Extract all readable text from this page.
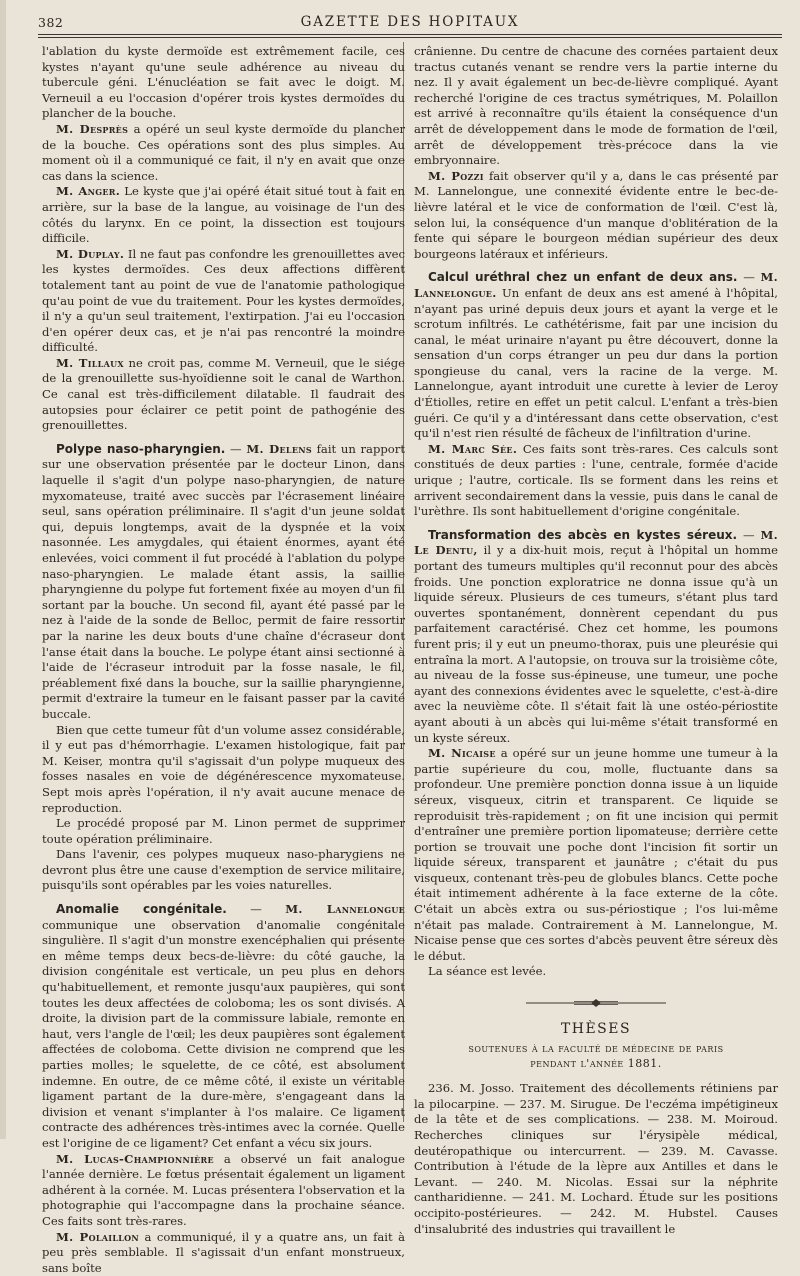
382	GAZETTE DES HOPITAUX

l'ablation du kyste dermoïde est extrêmement facile, ces kystes n'ayant qu'une seule adhérence au niveau du tubercule géni. L'énucléation se fait avec le doigt. M. Verneuil a eu l'occasion d'opérer trois kystes dermoïdes du plancher de la bouche.

M. Desprès a opéré un seul kyste dermoïde du plancher de la bouche. Ces opérations sont des plus simples. Au moment où il a communiqué ce fait, il n'y en avait que onze cas dans la science.

M. Anger. Le kyste que j'ai opéré était situé tout à fait en arrière, sur la base de la langue, au voisinage de l'un des côtés du larynx. En ce point, la dissection est toujours difficile.

M. Duplay. Il ne faut pas confondre les grenouillettes avec les kystes dermoïdes. Ces deux affections diffèrent totalement tant au point de vue de l'anatomie pathologique qu'au point de vue du traitement. Pour les kystes dermoïdes, il n'y a qu'un seul traitement, l'extirpation. J'ai eu l'occasion d'en opérer deux cas, et je n'ai pas rencontré la moindre difficulté.

M. Tillaux ne croit pas, comme M. Verneuil, que le siége de la grenouillette sus-hyoïdienne soit le canal de Warthon. Ce canal est très-difficilement dilatable. Il faudrait des autopsies pour éclairer ce petit point de pathogénie des grenouillettes.

Polype naso-pharyngien. — M. Delens fait un rapport sur une observation présentée par le docteur Linon, dans laquelle il s'agit d'un polype naso-pharyngien, de nature myxomateuse, traité avec succès par l'écrasement linéaire seul, sans opération préliminaire. Il s'agit d'un jeune soldat qui, depuis longtemps, avait de la dyspnée et la voix nasonnée. Les amygdales, qui étaient énormes, ayant été enlevées, voici comment il fut procédé à l'ablation du polype naso-pharyngien. Le malade étant assis, la saillie pharyngienne du polype fut fortement fixée au moyen d'un fil sortant par la bouche. Un second fil, ayant été passé par le nez à l'aide de la sonde de Belloc, permit de faire ressortir par la narine les deux bouts d'une chaîne d'écraseur dont l'anse était dans la bouche. Le polype étant ainsi sectionné à l'aide de l'écraseur introduit par la fosse nasale, le fil, préablement fixé dans la bouche, sur la saillie pharyngienne, permit d'extraire la tumeur en le faisant passer par la cavité buccale.

Bien que cette tumeur fût d'un volume assez considérable, il y eut pas d'hémorrhagie. L'examen histologique, fait par M. Keiser, montra qu'il s'agissait d'un polype muqueux des fosses nasales en voie de dégénérescence myxomateuse. Sept mois après l'opération, il n'y avait aucune menace de reproduction.

Le procédé proposé par M. Linon permet de supprimer toute opération préliminaire.

Dans l'avenir, ces polypes muqueux naso-pharygiens ne devront plus être une cause d'exemption de service militaire, puisqu'ils sont opérables par les voies naturelles.

Anomalie congénitale. — M. Lannelongue communique une observation d'anomalie congénitale singulière. Il s'agit d'un monstre exencéphalien qui présente en même temps deux becs-de-lièvre: du côté gauche, la division congénitale est verticale, un peu plus en dehors qu'habituellement, et remonte jusqu'aux paupières, qui sont toutes les deux affectées de coloboma; les os sont divisés. A droite, la division part de la commissure labiale, remonte en haut, vers l'angle de l'œil; les deux paupières sont également affectées de coloboma. Cette division ne comprend que les parties molles; le squelette, de ce côté, est absolument indemne. En outre, de ce même côté, il existe un véritable ligament partant de la dure-mère, s'engageant dans la division et venant s'implanter à l'os malaire. Ce ligament contracte des adhérences très-intimes avec la cornée. Quelle est l'origine de ce ligament? Cet enfant a vécu six jours.

M. Lucas-Championnière a observé un fait analogue l'année dernière. Le fœtus présentait également un ligament adhérent à la cornée. M. Lucas présentera l'observation et la photographie qui l'accompagne dans la prochaine séance. Ces faits sont très-rares.

M. Polaillon a communiqué, il y a quatre ans, un fait à peu près semblable. Il s'agissait d'un enfant monstrueux, sans boîte

crânienne. Du centre de chacune des cornées partaient deux tractus cutanés venant se rendre vers la partie interne du nez. Il y avait également un bec-de-lièvre compliqué. Ayant recherché l'origine de ces tractus symétriques, M. Polaillon est arrivé à reconnaître qu'ils étaient la conséquence d'un arrêt de développement dans le mode de formation de l'œil, arrêt de développement très-précoce dans la vie embryonnaire.

M. Pozzi fait observer qu'il y a, dans le cas présenté par M. Lannelongue, une connexité évidente entre le bec-de-lièvre latéral et le vice de conformation de l'œil. C'est là, selon lui, la conséquence d'un manque d'oblitération de la fente qui sépare le bourgeon médian supérieur des deux bourgeons latéraux et inférieurs.

Calcul uréthral chez un enfant de deux ans. — M. Lannelongue. Un enfant de deux ans est amené à l'hôpital, n'ayant pas uriné depuis deux jours et ayant la verge et le scrotum infiltrés. Le cathétérisme, fait par une incision du canal, le méat urinaire n'ayant pu être découvert, donne la sensation d'un corps étranger un peu dur dans la portion spongieuse du canal, vers la racine de la verge. M. Lannelongue, ayant introduit une curette à levier de Leroy d'Étiolles, retire en effet un petit calcul. L'enfant a très-bien guéri. Ce qu'il y a d'intéressant dans cette observation, c'est qu'il n'est rien résulté de fâcheux de l'infiltration d'urine.

M. Marc Sée. Ces faits sont très-rares. Ces calculs sont constitués de deux parties : l'une, centrale, formée d'acide urique ; l'autre, corticale. Ils se forment dans les reins et arrivent secondairement dans la vessie, puis dans le canal de l'urèthre. Ils sont habituellement d'origine congénitale.

Transformation des abcès en kystes séreux. — M. Le Dentu, il y a dix-huit mois, reçut à l'hôpital un homme portant des tumeurs multiples qu'il reconnut pour des abcès froids. Une ponction exploratrice ne donna issue qu'à un liquide séreux. Plusieurs de ces tumeurs, s'étant plus tard ouvertes spontanément, donnèrent cependant du pus parfaitement caractérisé. Chez cet homme, les poumons furent pris; il y eut un pneumo-thorax, puis une pleurésie qui entraîna la mort. A l'autopsie, on trouva sur la troisième côte, au niveau de la fosse sus-épineuse, une tumeur, une poche ayant des connexions évidentes avec le squelette, c'est-à-dire avec la neuvième côte. Il s'était fait là une ostéo-périostite ayant abouti à un abcès qui lui-même s'était transformé en un kyste séreux.

M. Nicaise a opéré sur un jeune homme une tumeur à la partie supérieure du cou, molle, fluctuante dans sa profondeur. Une première ponction donna issue à un liquide séreux, visqueux, citrin et transparent. Ce liquide se reproduisit très-rapidement ; on fit une incision qui permit d'entraîner une première portion lipomateuse; derrière cette portion se trouvait une poche dont l'incision fit sortir un liquide séreux, transparent et jaunâtre ; c'était du pus visqueux, contenant très-peu de globules blancs. Cette poche était intimement adhérente à la face externe de la côte. C'était un abcès extra ou sus-périostique ; l'os lui-même n'était pas malade. Contrairement à M. Lannelongue, M. Nicaise pense que ces sortes d'abcès peuvent être séreux dès le début.

La séance est levée.

THÈSES
soutenues à la faculté de médecine de paris
pendant l'année 1881.

236. M. Josso. Traitement des décollements rétiniens par la pilocarpine. — 237. M. Sirugue. De l'eczéma impétigineux de la tête et de ses complications. — 238. M. Moiroud. Recherches cliniques sur l'érysipèle médical, deutéropathique ou intercurrent. — 239. M. Cavasse. Contribution à l'étude de la lèpre aux Antilles et dans le Levant. — 240. M. Nicolas. Essai sur la néphrite cantharidienne. — 241. M. Lochard. Étude sur les positions occipito-postérieures. — 242. M. Hubstel. Causes d'insalubrité des industries qui travaillent le
